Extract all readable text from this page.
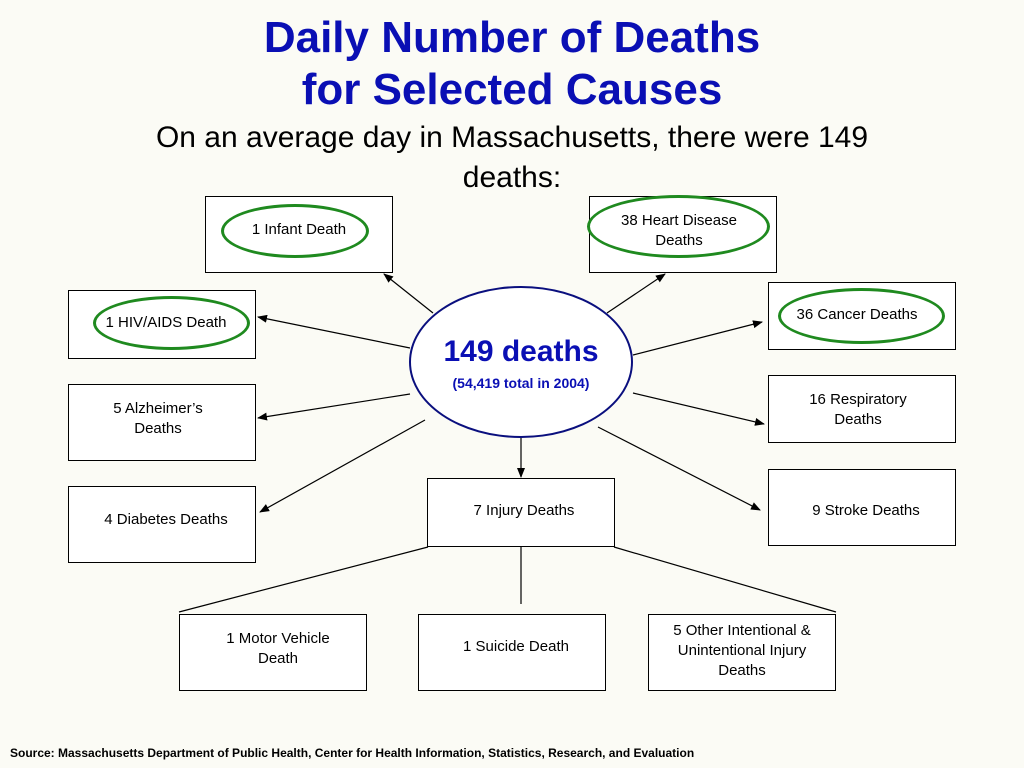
Daily Number of Deaths
for Selected Causes
On an average day in Massachusetts, there were 149
deaths:
149 deaths
(54,419 total in 2004)
1 Infant Death
38 Heart Disease
Deaths
1 HIV/AIDS Death	36 Cancer Deaths
5 Alzheimer’s
Deaths
16 Respiratory
Deaths
4 Diabetes Deaths
7 Injury Deaths	9 Stroke Deaths
1 Motor Vehicle
Death
1 Suicide Death
5 Other Intentional &
Unintentional Injury
Deaths
Source: Massachusetts Department of Public Health, Center for Health Information, Statistics, Research, and Evaluation
